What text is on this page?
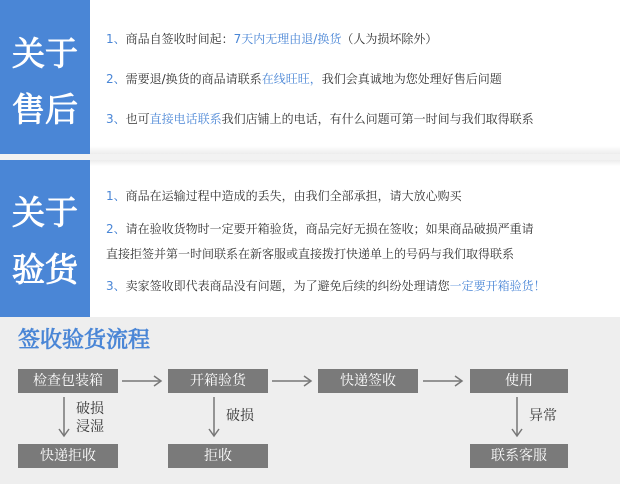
关于
售后
1、商品自签收时间起：7天内无理由退/换货（人为损坏除外）
2、需要退/换货的商品请联系在线旺旺，我们会真诚地为您处理好售后问题
3、也可直接电话联系我们店铺上的电话，有什么问题可第一时间与我们取得联系
关于
验货
1、商品在运输过程中造成的丢失，由我们全部承担，请大放心购买
2、请在验收货物时一定要开箱验货，商品完好无损在签收；如果商品破损严重请
直接拒签并第一时间联系在新客服或直接拨打快递单上的号码与我们取得联系
3、卖家签收即代表商品没有问题，为了避免后续的纠纷处理请您一定要开箱验货！
签收验货流程
检查包装箱	开箱验货	快递签收	使用
破损
浸湿
破损	异常
快递拒收	拒收	联系客服
